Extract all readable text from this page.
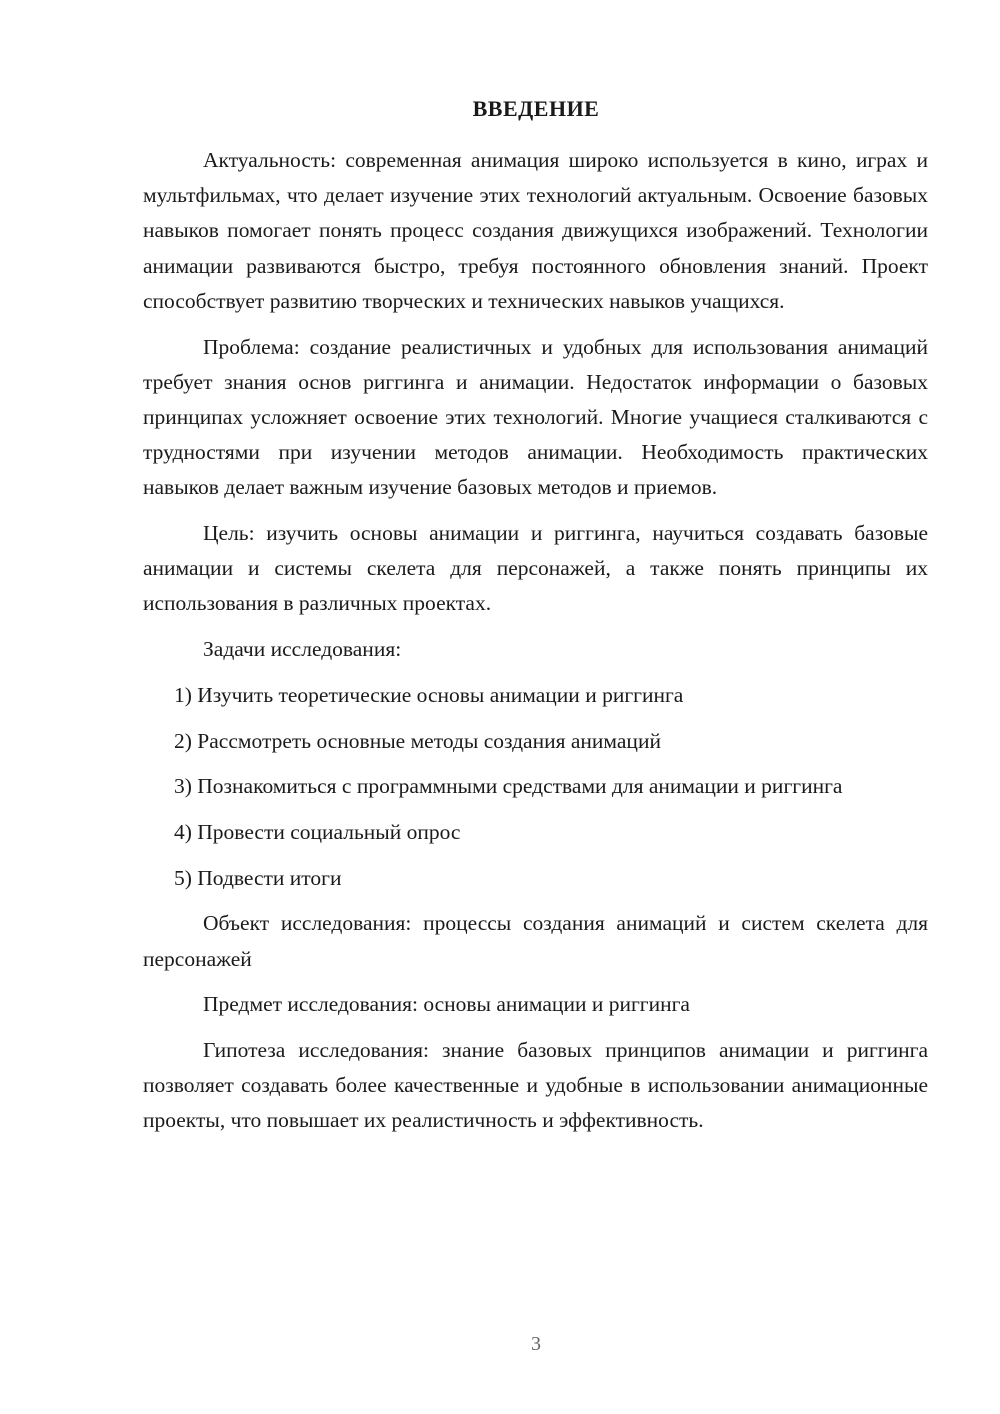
ВВЕДЕНИЕ

Актуальность: современная анимация широко используется в кино, играх и мультфильмах, что делает изучение этих технологий актуальным. Освоение базовых навыков помогает понять процесс создания движущихся изображений. Технологии анимации развиваются быстро, требуя постоянного обновления знаний. Проект способствует развитию творческих и технических навыков учащихся.

Проблема: создание реалистичных и удобных для использования анимаций требует знания основ риггинга и анимации. Недостаток информации о базовых принципах усложняет освоение этих технологий. Многие учащиеся сталкиваются с трудностями при изучении методов анимации. Необходимость практических навыков делает важным изучение базовых методов и приемов.

Цель: изучить основы анимации и риггинга, научиться создавать базовые анимации и системы скелета для персонажей, а также понять принципы их использования в различных проектах.

Задачи исследования:

1) Изучить теоретические основы анимации и риггинга

2) Рассмотреть основные методы создания анимаций

3) Познакомиться с программными средствами для анимации и риггинга

4) Провести социальный опрос

5) Подвести итоги

Объект исследования: процессы создания анимаций и систем скелета для персонажей

Предмет исследования: основы анимации и риггинга

Гипотеза исследования: знание базовых принципов анимации и риггинга позволяет создавать более качественные и удобные в использовании анимационные проекты, что повышает их реалистичность и эффективность.

3
